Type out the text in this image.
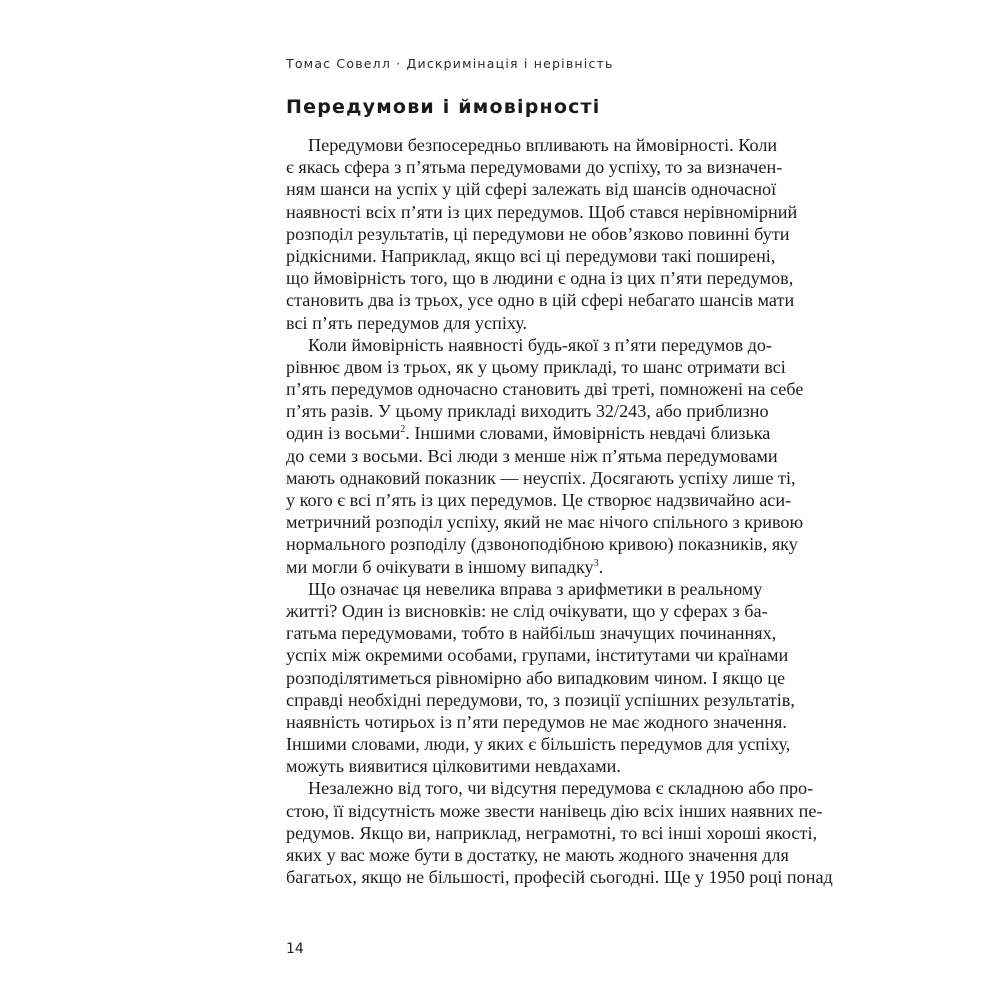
Томас Совелл · Дискримінація і нерівність
Передумови і ймовірності
Передумови безпосередньо впливають на ймовірності. Коли
є якась сфера з п’ятьма передумовами до успіху, то за визначен-
ням шанси на успіх у цій сфері залежать від шансів одночасної
наявності всіх п’яти із цих передумов. Щоб стався нерівномірний
розподіл результатів, ці передумови не обов’язково повинні бути
рідкісними. Наприклад, якщо всі ці передумови такі поширені,
що ймовірність того, що в людини є одна із цих п’яти передумов,
становить два із трьох, усе одно в цій сфері небагато шансів мати
всі п’ять передумов для успіху.
Коли ймовірність наявності будь-якої з п’яти передумов до-
рівнює двом із трьох, як у цьому прикладі, то шанс отримати всі
п’ять передумов одночасно становить дві треті, помножені на себе
п’ять разів. У цьому прикладі виходить 32/243, або приблизно
один із восьми$^2$. Іншими словами, ймовірність невдачі близька
до семи з восьми. Всі люди з менше ніж п’ятьма передумовами
мають однаковий показник — неуспіх. Досягають успіху лише ті,
у кого є всі п’ять із цих передумов. Це створює надзвичайно аси-
метричний розподіл успіху, який не має нічого спільного з кривою
нормального розподілу (дзвоноподібною кривою) показників, яку
ми могли б очікувати в іншому випадку$^3$.
Що означає ця невелика вправа з арифметики в реальному
житті? Один із висновків: не слід очікувати, що у сферах з ба-
гатьма передумовами, тобто в найбільш значущих починаннях,
успіх між окремими особами, групами, інститутами чи країнами
розподілятиметься рівномірно або випадковим чином. І якщо це
справді необхідні передумови, то, з позиції успішних результатів,
наявність чотирьох із п’яти передумов не має жодного значення.
Іншими словами, люди, у яких є більшість передумов для успіху,
можуть виявитися цілковитими невдахами.
Незалежно від того, чи відсутня передумова є складною або про-
стою, її відсутність може звести нанівець дію всіх інших наявних пе-
редумов. Якщо ви, наприклад, неграмотні, то всі інші хороші якості,
яких у вас може бути в достатку, не мають жодного значення для
багатьох, якщо не більшості, професій сьогодні. Ще у 1950 році понад
14
